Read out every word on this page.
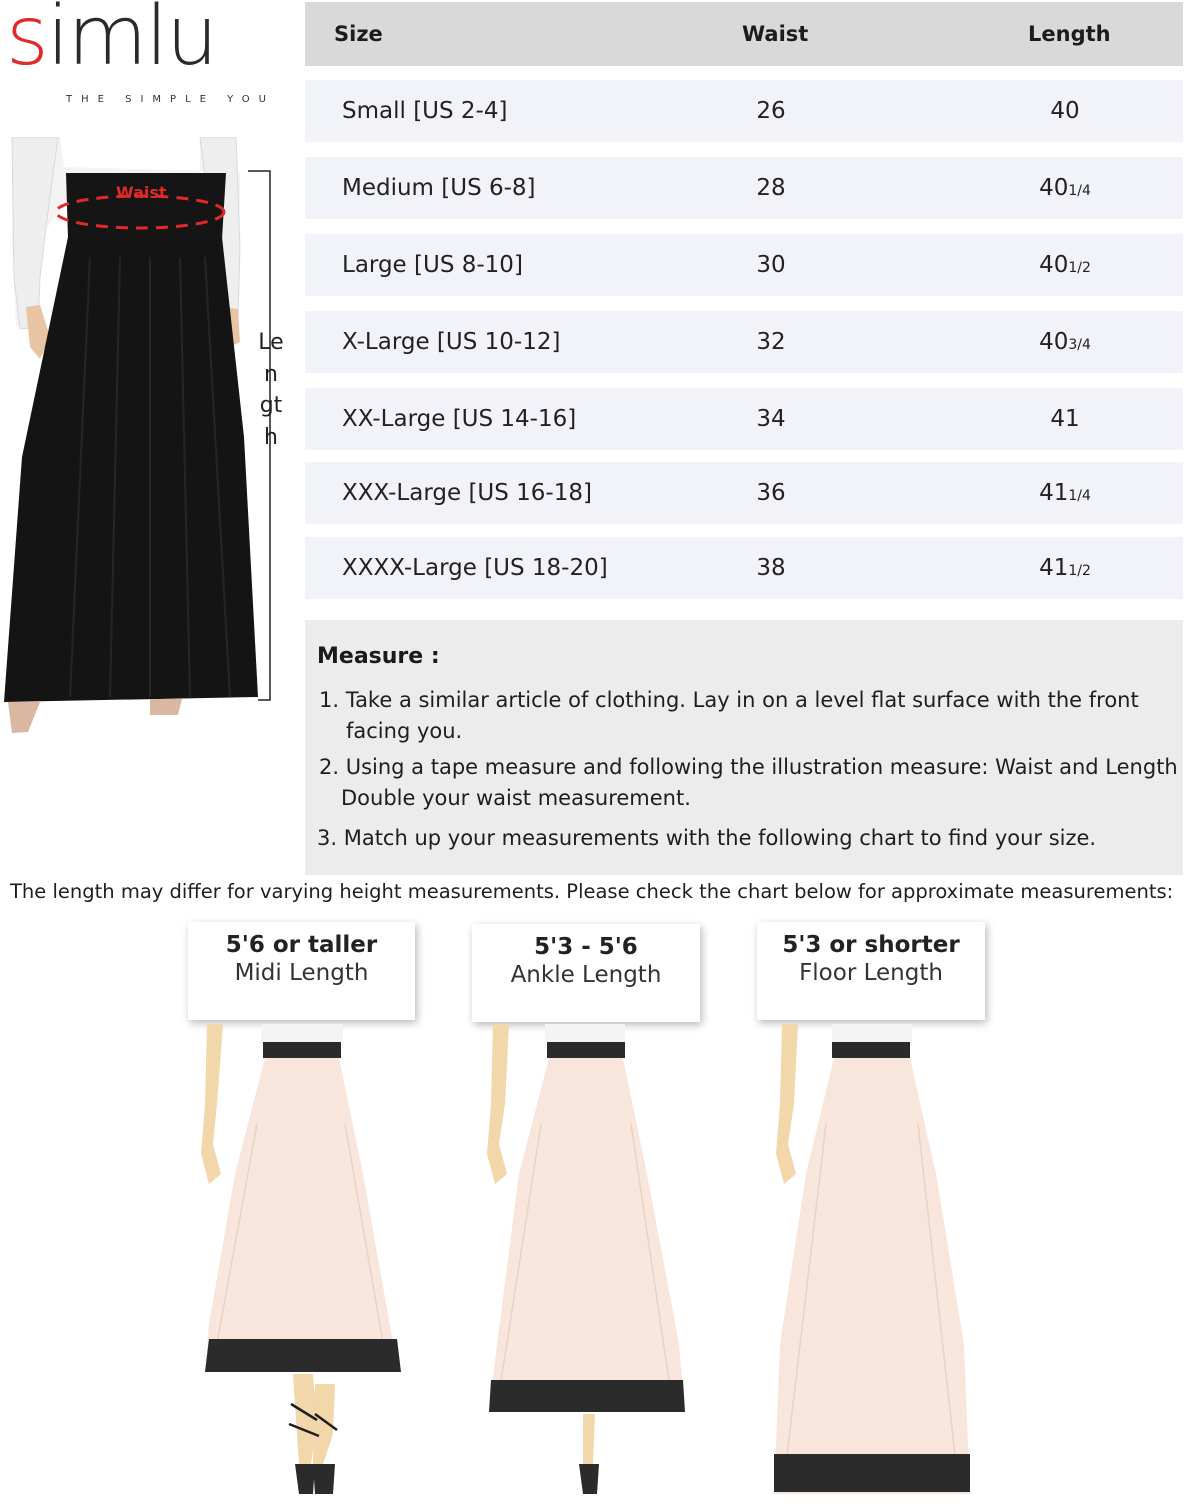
simlu
THE SIMPLE YOU
Waist
Length
Size	Waist	Length
Small [US 2-4]	26	40
Medium [US 6-8]	28	401/4
Large [US 8-10]	30	401/2
X-Large [US 10-12]	32	403/4
XX-Large [US 14-16]	34	41
XXX-Large [US 16-18]	36	411/4
XXXX-Large [US 18-20]	38	411/2
Measure :
1. Take a similar article of clothing. Lay in on a level flat surface with the front
facing you.
2. Using a tape measure and following the illustration measure: Waist and Length
Double your waist measurement.
3. Match up your measurements with the following chart to find your size.
The length may differ for varying height measurements. Please check the chart below for approximate measurements:
5'6 or taller
Midi Length
5'3 - 5'6
Ankle Length
5'3 or shorter
Floor Length
